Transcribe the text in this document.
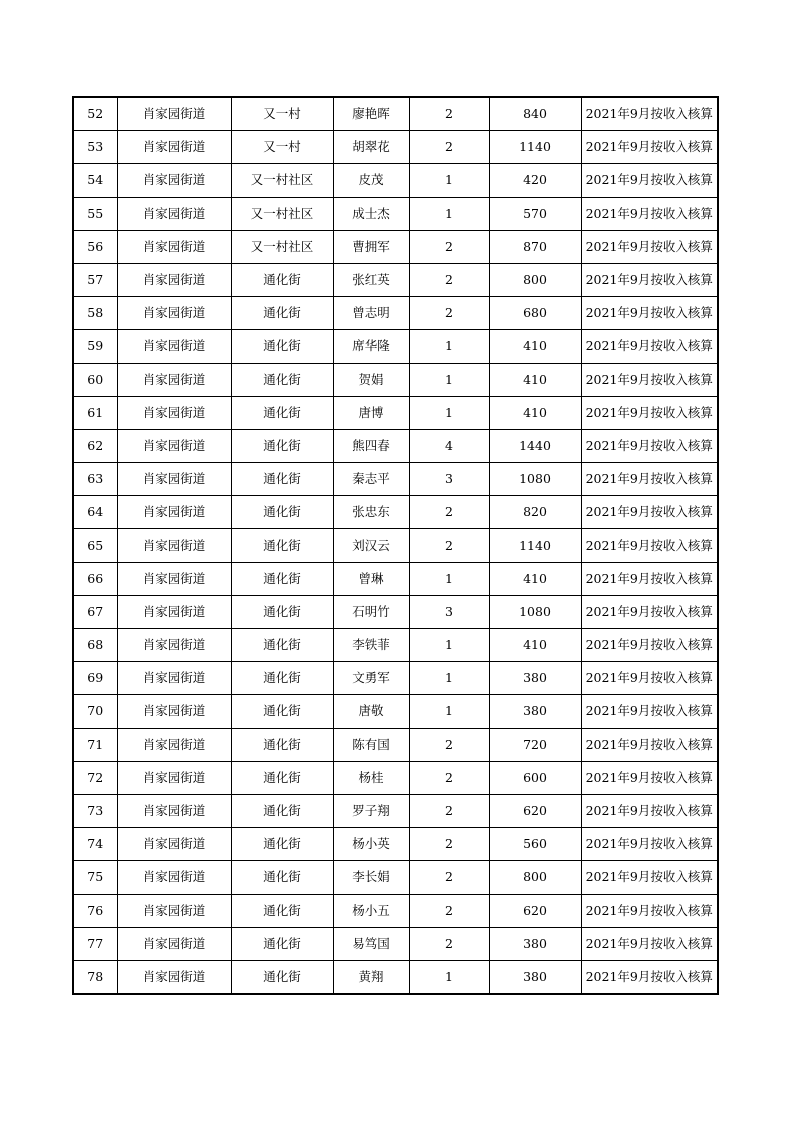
52	肖家园街道	又一村	廖艳晖	2	840	2021年9月按收入核算
53	肖家园街道	又一村	胡翠花	2	1140	2021年9月按收入核算
54	肖家园街道	又一村社区	皮茂	1	420	2021年9月按收入核算
55	肖家园街道	又一村社区	成士杰	1	570	2021年9月按收入核算
56	肖家园街道	又一村社区	曹拥军	2	870	2021年9月按收入核算
57	肖家园街道	通化街	张红英	2	800	2021年9月按收入核算
58	肖家园街道	通化街	曾志明	2	680	2021年9月按收入核算
59	肖家园街道	通化街	席华隆	1	410	2021年9月按收入核算
60	肖家园街道	通化街	贺娟	1	410	2021年9月按收入核算
61	肖家园街道	通化街	唐博	1	410	2021年9月按收入核算
62	肖家园街道	通化街	熊四春	4	1440	2021年9月按收入核算
63	肖家园街道	通化街	秦志平	3	1080	2021年9月按收入核算
64	肖家园街道	通化街	张忠东	2	820	2021年9月按收入核算
65	肖家园街道	通化街	刘汉云	2	1140	2021年9月按收入核算
66	肖家园街道	通化街	曾琳	1	410	2021年9月按收入核算
67	肖家园街道	通化街	石明竹	3	1080	2021年9月按收入核算
68	肖家园街道	通化街	李铁菲	1	410	2021年9月按收入核算
69	肖家园街道	通化街	文勇军	1	380	2021年9月按收入核算
70	肖家园街道	通化街	唐敬	1	380	2021年9月按收入核算
71	肖家园街道	通化街	陈有国	2	720	2021年9月按收入核算
72	肖家园街道	通化街	杨桂	2	600	2021年9月按收入核算
73	肖家园街道	通化街	罗子翔	2	620	2021年9月按收入核算
74	肖家园街道	通化街	杨小英	2	560	2021年9月按收入核算
75	肖家园街道	通化街	李长娟	2	800	2021年9月按收入核算
76	肖家园街道	通化街	杨小五	2	620	2021年9月按收入核算
77	肖家园街道	通化街	易笃国	2	380	2021年9月按收入核算
78	肖家园街道	通化街	黄翔	1	380	2021年9月按收入核算
